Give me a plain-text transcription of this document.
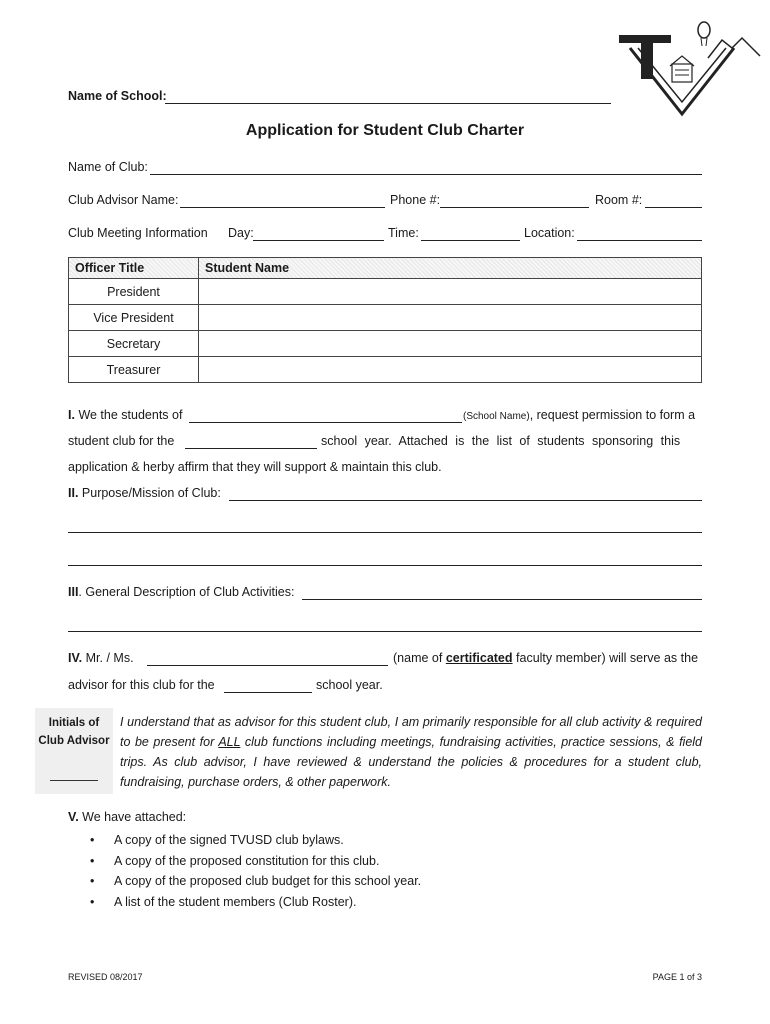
Name of School:
Application for Student Club Charter
Name of Club:
Club Advisor Name:	Phone #:	Room #:
Club Meeting Information Day:	Time:	Location:
Officer Title	Student Name
President	
Vice President	
Secretary	
Treasurer	
I. We the students of	(School Name), request permission to form a
student club for the	school year. Attached is the list of students sponsoring this
application & herby affirm that they will support & maintain this club.
II. Purpose/Mission of Club:
III. General Description of Club Activities:
IV. Mr. / Ms.	(name of certificated faculty member) will serve as the
advisor for this club for the	school year.
Initials of
Club Advisor
I understand that as advisor for this student club, I am primarily responsible for all club activity & required to be present for ALL club functions including meetings, fundraising activities, practice sessions, & field trips. As club advisor, I have reviewed & understand the policies & procedures for a student club, fundraising, purchase orders, & other paperwork.
V. We have attached:
• A copy of the signed TVUSD club bylaws.
• A copy of the proposed constitution for this club.
• A copy of the proposed club budget for this school year.
• A list of the student members (Club Roster).
REVISED 08/2017	PAGE 1 of 3
